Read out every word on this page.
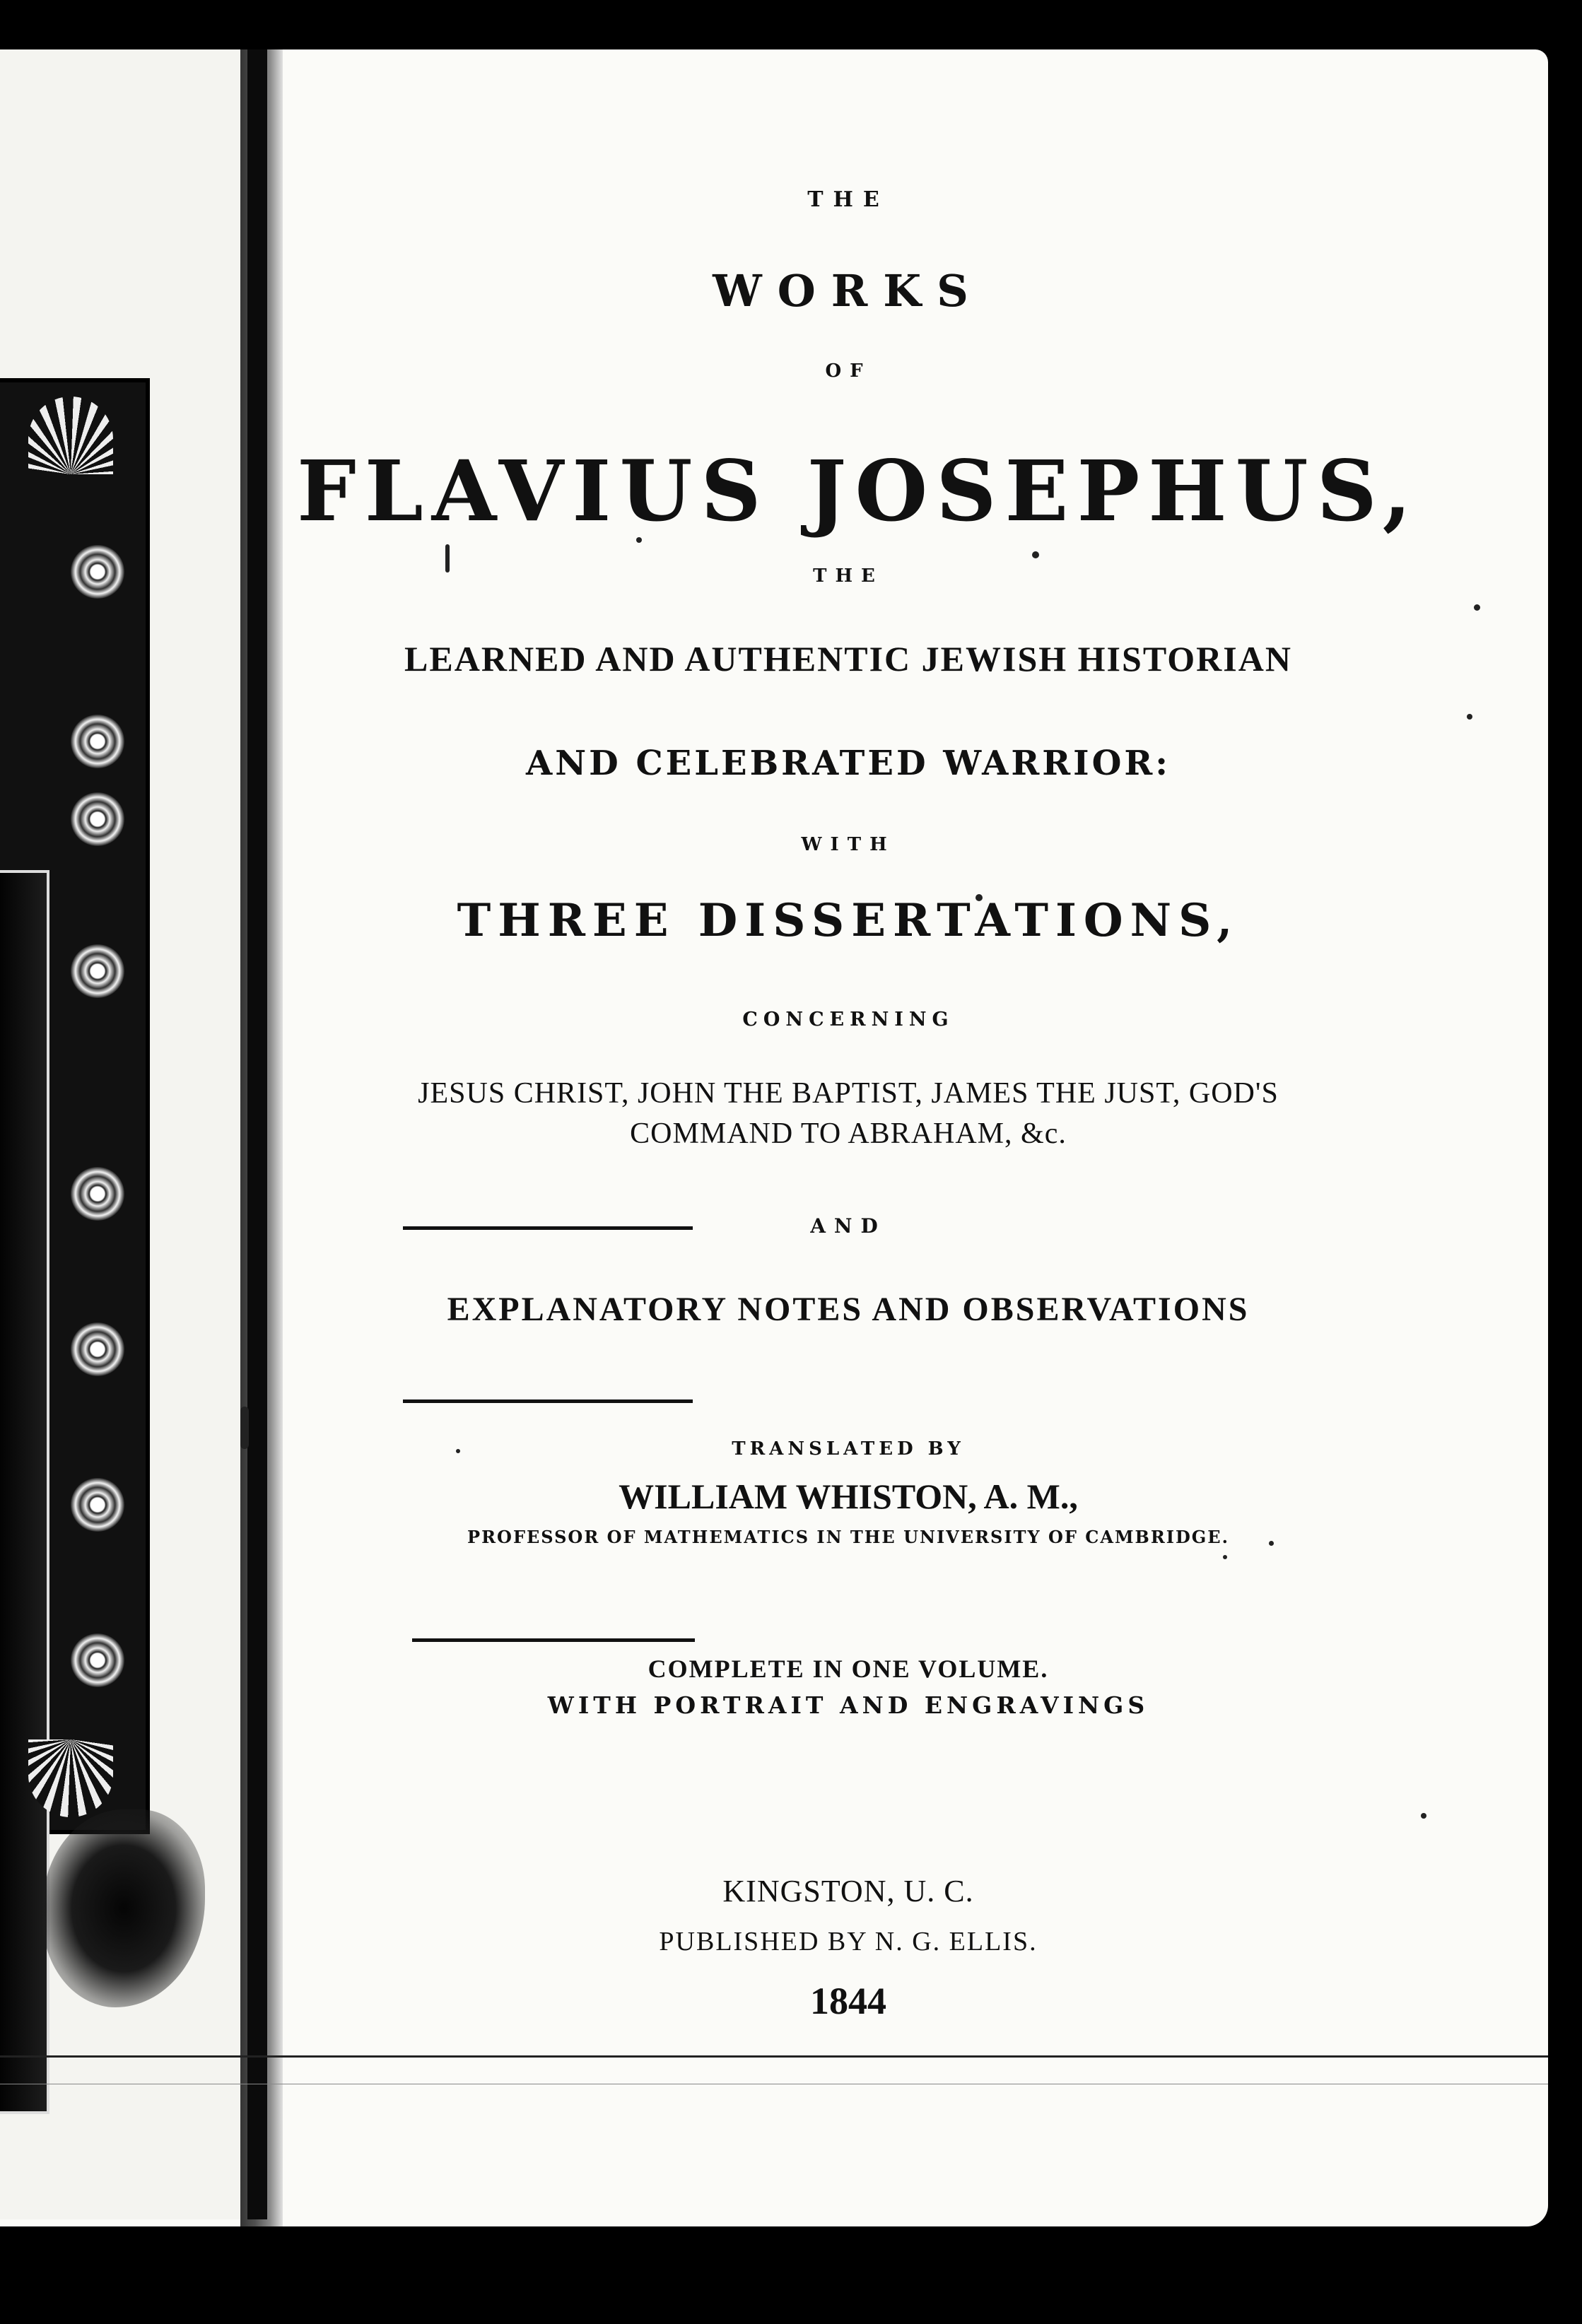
THE
WORKS
OF
FLAVIUS JOSEPHUS,
THE
LEARNED AND AUTHENTIC JEWISH HISTORIAN
AND CELEBRATED WARRIOR:
WITH
THREE DISSERTATIONS,
CONCERNING
JESUS CHRIST, JOHN THE BAPTIST, JAMES THE JUST, GOD'S
COMMAND TO ABRAHAM, &c.
AND
EXPLANATORY NOTES AND OBSERVATIONS
TRANSLATED BY
WILLIAM WHISTON, A. M.,
PROFESSOR OF MATHEMATICS IN THE UNIVERSITY OF CAMBRIDGE.
COMPLETE IN ONE VOLUME.
WITH PORTRAIT AND ENGRAVINGS
KINGSTON, U. C.
PUBLISHED BY N. G. ELLIS.
1844
